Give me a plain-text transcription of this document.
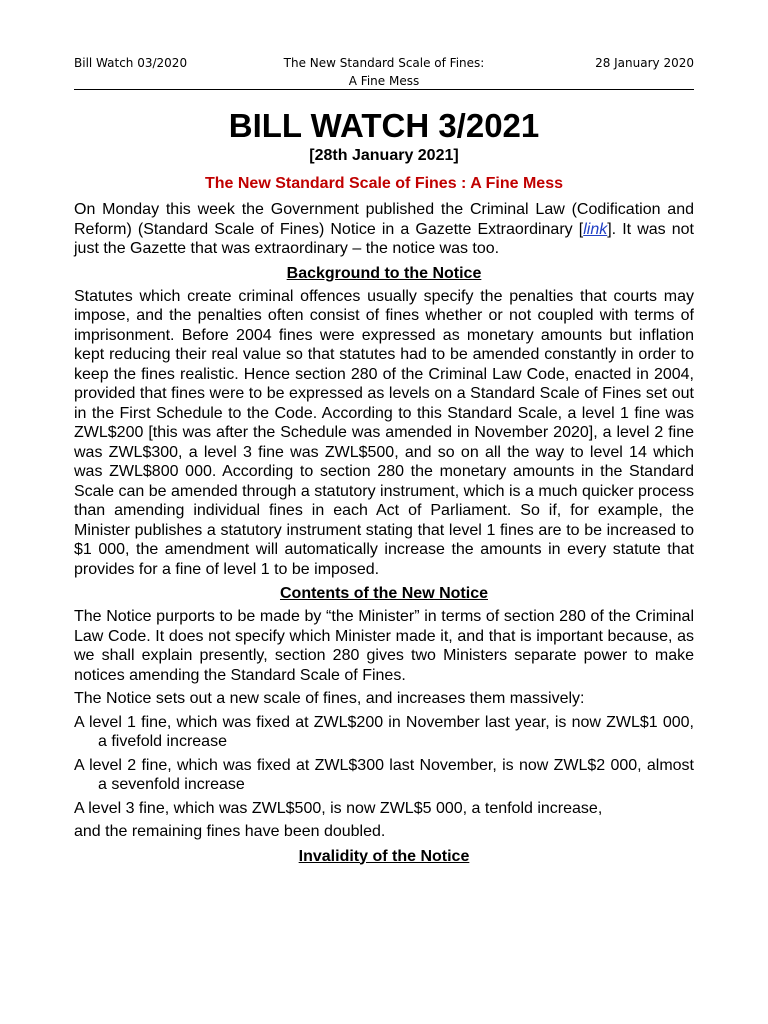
Bill Watch 03/2020	The New Standard Scale of Fines:
A Fine Mess
28 January 2020
BILL WATCH 3/2021
[28th January 2021]
The New Standard Scale of Fines : A Fine Mess

On Monday this week the Government published the Criminal Law (Codification and Reform) (Standard Scale of Fines) Notice in a Gazette Extraordinary [link]. It was not just the Gazette that was extraordinary – the notice was too.

Background to the Notice

Statutes which create criminal offences usually specify the penalties that courts may impose, and the penalties often consist of fines whether or not coupled with terms of imprisonment. Before 2004 fines were expressed as monetary amounts but inflation kept reducing their real value so that statutes had to be amended constantly in order to keep the fines realistic. Hence section 280 of the Criminal Law Code, enacted in 2004, provided that fines were to be expressed as levels on a Standard Scale of Fines set out in the First Schedule to the Code. According to this Standard Scale, a level 1 fine was ZWL$200 [this was after the Schedule was amended in November 2020], a level 2 fine was ZWL$300, a level 3 fine was ZWL$500, and so on all the way to level 14 which was ZWL$800 000. According to section 280 the monetary amounts in the Standard Scale can be amended through a statutory instrument, which is a much quicker process than amending individual fines in each Act of Parliament. So if, for example, the Minister publishes a statutory instrument stating that level 1 fines are to be increased to $1 000, the amendment will automatically increase the amounts in every statute that provides for a fine of level 1 to be imposed.

Contents of the New Notice

The Notice purports to be made by “the Minister” in terms of section 280 of the Criminal Law Code. It does not specify which Minister made it, and that is important because, as we shall explain presently, section 280 gives two Ministers separate power to make notices amending the Standard Scale of Fines.

The Notice sets out a new scale of fines, and increases them massively:

A level 1 fine, which was fixed at ZWL$200 in November last year, is now ZWL$1 000, a fivefold increase

A level 2 fine, which was fixed at ZWL$300 last November, is now ZWL$2 000, almost a sevenfold increase

A level 3 fine, which was ZWL$500, is now ZWL$5 000, a tenfold increase,

and the remaining fines have been doubled.

Invalidity of the Notice
